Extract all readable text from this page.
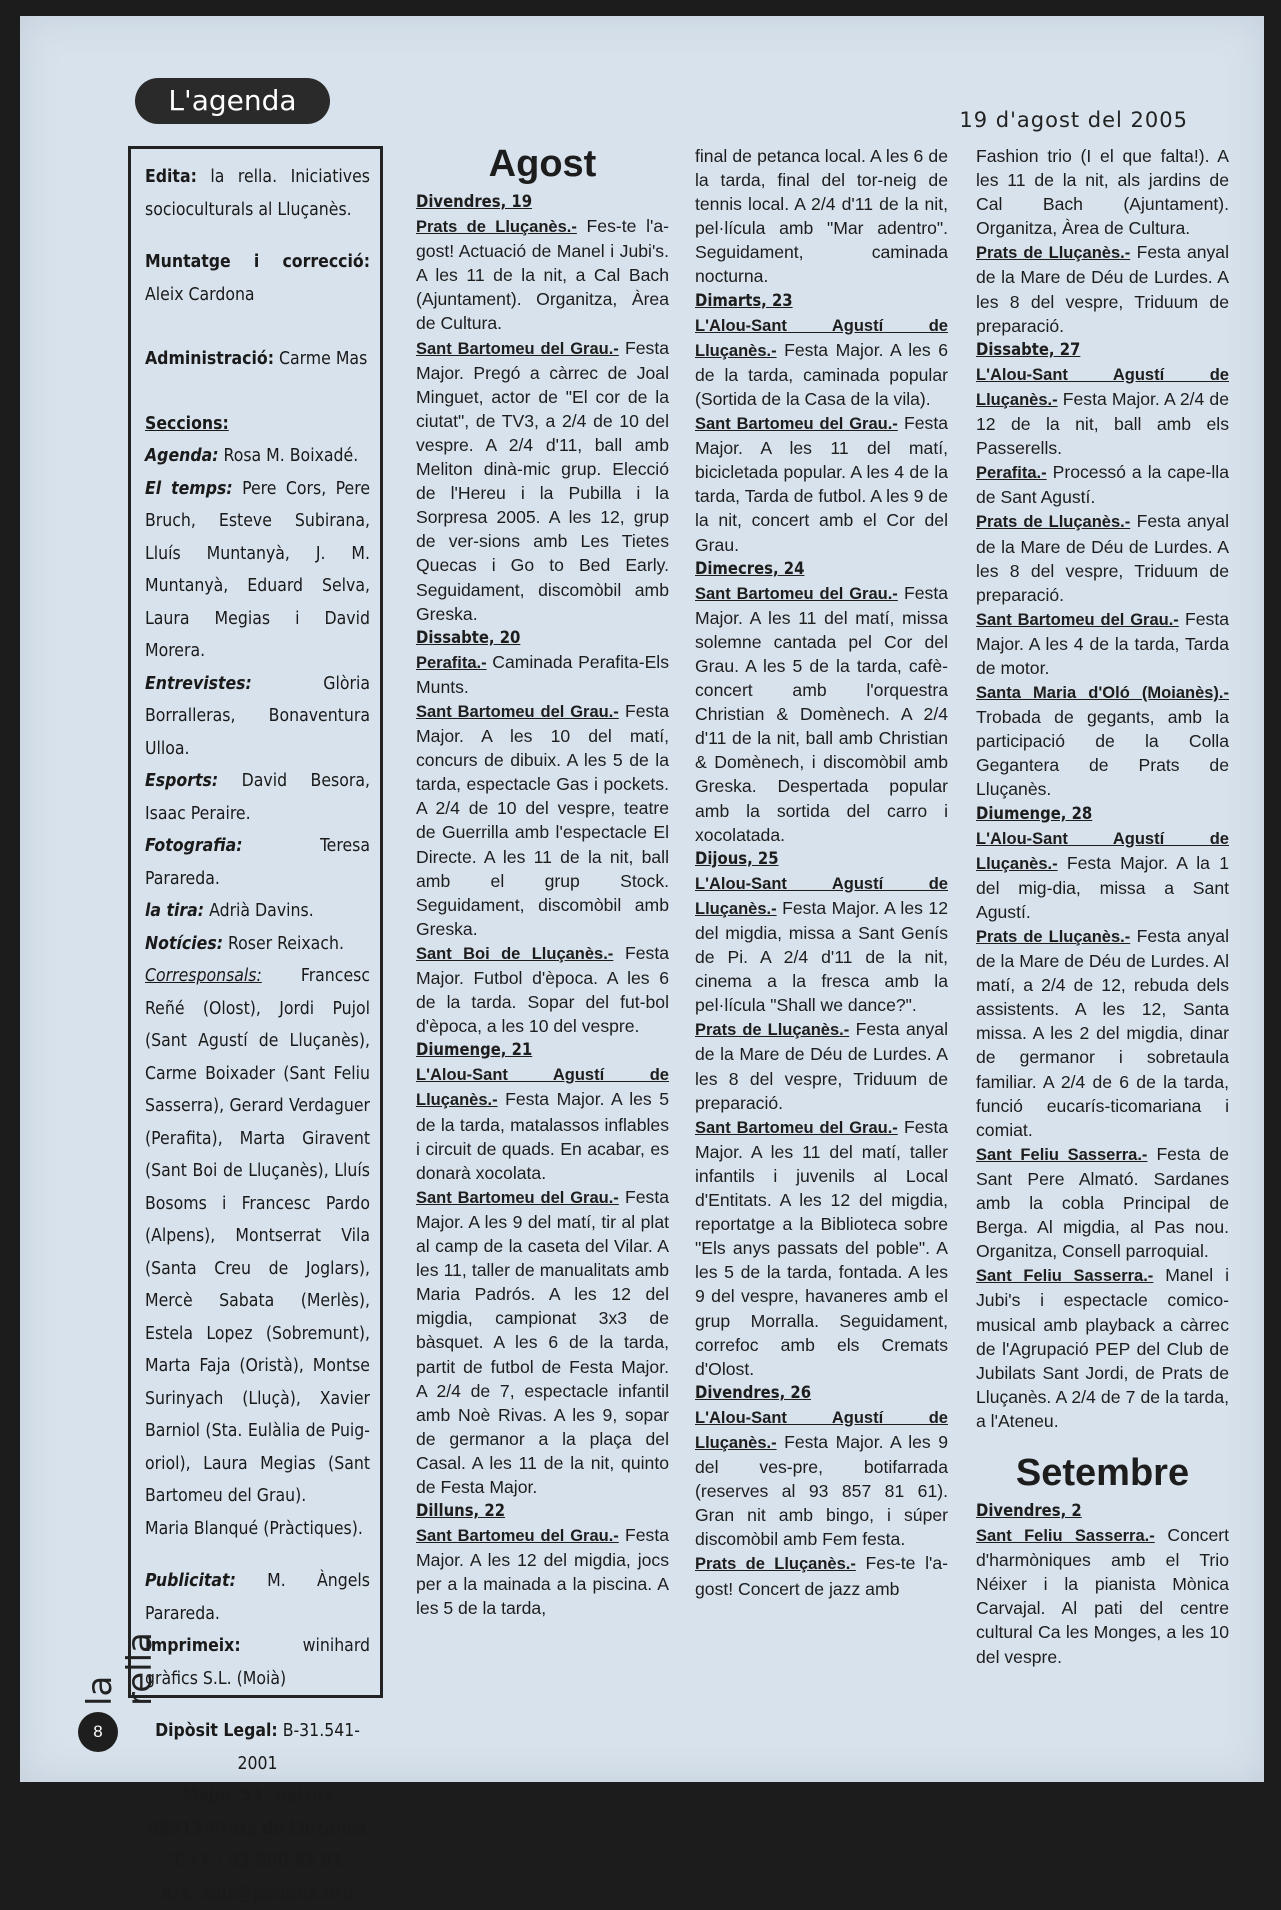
L'agenda
19 d'agost del 2005

Edita: la rella. Iniciatives socioculturals al Lluçanès.

Muntatge i correcció: Aleix Cardona

Administració: Carme Mas

Seccions:

Agenda: Rosa M. Boixadé.

El temps: Pere Cors, Pere Bruch, Esteve Subirana, Lluís Muntanyà, J. M. Muntanyà, Eduard Selva, Laura Megias i David Morera.

Entrevistes:	Glòria Borralleras, Bonaventura Ulloa.

Esports: David Besora, Isaac Peraire.

Fotografia:	Teresa Parareda.

la tira: Adrià Davins.

Notícies: Roser Reixach.

Corresponsals: Francesc Reñé (Olost), Jordi Pujol (Sant Agustí de Lluçanès), Carme Boixader (Sant Feliu Sasserra), Gerard Verdaguer (Perafita), Marta Giravent (Sant Boi de Lluçanès), Lluís Bosoms i Francesc Pardo (Alpens), Montserrat Vila (Santa Creu de Joglars), Mercè Sabata (Merlès), Estela Lopez (Sobremunt), Marta Faja (Oristà), Montse Surinyach (Lluçà), Xavier Barniol (Sta. Eulàlia de Puig-oriol), Laura Megias (Sant Bartomeu del Grau).

Maria Blanqué (Pràctiques).

Publicitat: M. Àngels Parareda.

Imprimeix:	winihard gràfics S.L. (Moià)

Dipòsit Legal: B-31.541-2001

Major, 51, baixos

08513-Prats de Lluçanès

T. i F.: 93 850 82 81

A/e: solc@pangea.org

la rella
8
Agost
Divendres, 19

Prats de Lluçanès.- Fes-te l'a-gost! Actuació de Manel i Jubi's. A les 11 de la nit, a Cal Bach (Ajuntament). Organitza, Àrea de Cultura.

Sant Bartomeu del Grau.- Festa Major. Pregó a càrrec de Joal Minguet, actor de "El cor de la ciutat", de TV3, a 2/4 de 10 del vespre. A 2/4 d'11, ball amb Meliton dinà-mic grup. Elecció de l'Hereu i la Pubilla i la Sorpresa 2005. A les 12, grup de ver-sions amb Les Tietes Quecas i Go to Bed Early. Seguidament, discomòbil amb Greska.

Dissabte, 20

Perafita.- Caminada Perafita-Els Munts.

Sant Bartomeu del Grau.- Festa Major. A les 10 del matí, concurs de dibuix. A les 5 de la tarda, espectacle Gas i pockets. A 2/4 de 10 del vespre, teatre de Guerrilla amb l'espectacle El Directe. A les 11 de la nit, ball amb el grup Stock. Seguidament, discomòbil amb Greska.

Sant Boi de Lluçanès.- Festa Major. Futbol d'època. A les 6 de la tarda. Sopar del fut-bol d'època, a les 10 del vespre.

Diumenge, 21

L'Alou-Sant Agustí de Lluçanès.- Festa Major. A les 5 de la tarda, matalassos inflables i circuit de quads. En acabar, es donarà xocolata.

Sant Bartomeu del Grau.- Festa Major. A les 9 del matí, tir al plat al camp de la caseta del Vilar. A les 11, taller de manualitats amb Maria Padrós. A les 12 del migdia, campionat 3x3 de bàsquet. A les 6 de la tarda, partit de futbol de Festa Major. A 2/4 de 7, espectacle infantil amb Noè Rivas. A les 9, sopar de germanor a la plaça del Casal. A les 11 de la nit, quinto de Festa Major.

Dilluns, 22

Sant Bartomeu del Grau.- Festa Major. A les 12 del migdia, jocs per a la mainada a la piscina. A les 5 de la tarda,

final de petanca local. A les 6 de la tarda, final del tor-neig de tennis local. A 2/4 d'11 de la nit, pel·lícula amb "Mar adentro". Seguidament, caminada nocturna.

Dimarts, 23

L'Alou-Sant Agustí de Lluçanès.- Festa Major. A les 6 de la tarda, caminada popular (Sortida de la Casa de la vila).

Sant Bartomeu del Grau.- Festa Major. A les 11 del matí, bicicletada popular. A les 4 de la tarda, Tarda de futbol. A les 9 de la nit, concert amb el Cor del Grau.

Dimecres, 24

Sant Bartomeu del Grau.- Festa Major. A les 11 del matí, missa solemne cantada pel Cor del Grau. A les 5 de la tarda, cafè-concert amb l'orquestra Christian & Domènech. A 2/4 d'11 de la nit, ball amb Christian & Domènech, i discomòbil amb Greska. Despertada popular amb la sortida del carro i xocolatada.

Dijous, 25

L'Alou-Sant Agustí de Lluçanès.- Festa Major. A les 12 del migdia, missa a Sant Genís de Pi. A 2/4 d'11 de la nit, cinema a la fresca amb la pel·lícula "Shall we dance?".

Prats de Lluçanès.- Festa anyal de la Mare de Déu de Lurdes. A les 8 del vespre, Triduum de preparació.

Sant Bartomeu del Grau.- Festa Major. A les 11 del matí, taller infantils i juvenils al Local d'Entitats. A les 12 del migdia, reportatge a la Biblioteca sobre "Els anys passats del poble". A les 5 de la tarda, fontada. A les 9 del vespre, havaneres amb el grup Morralla. Seguidament, correfoc amb els Cremats d'Olost.

Divendres, 26

L'Alou-Sant Agustí de Lluçanès.- Festa Major. A les 9 del ves-pre, botifarrada (reserves al 93 857 81 61). Gran nit amb bingo, i súper discomòbil amb Fem festa.

Prats de Lluçanès.- Fes-te l'a-gost! Concert de jazz amb

Fashion trio (I el que falta!). A les 11 de la nit, als jardins de Cal Bach (Ajuntament). Organitza, Àrea de Cultura.

Prats de Lluçanès.- Festa anyal de la Mare de Déu de Lurdes. A les 8 del vespre, Triduum de preparació.

Dissabte, 27

L'Alou-Sant Agustí de Lluçanès.- Festa Major. A 2/4 de 12 de la nit, ball amb els Passerells.

Perafita.- Processó a la cape-lla de Sant Agustí.

Prats de Lluçanès.- Festa anyal de la Mare de Déu de Lurdes. A les 8 del vespre, Triduum de preparació.

Sant Bartomeu del Grau.- Festa Major. A les 4 de la tarda, Tarda de motor.

Santa Maria d'Oló (Moianès).- Trobada de gegants, amb la participació de la Colla Gegantera de Prats de Lluçanès.

Diumenge, 28

L'Alou-Sant Agustí de Lluçanès.- Festa Major. A la 1 del mig-dia, missa a Sant Agustí.

Prats de Lluçanès.- Festa anyal de la Mare de Déu de Lurdes. Al matí, a 2/4 de 12, rebuda dels assistents. A les 12, Santa missa. A les 2 del migdia, dinar de germanor i sobretaula familiar. A 2/4 de 6 de la tarda, funció eucarís-ticomariana i comiat.

Sant Feliu Sasserra.- Festa de Sant Pere Almató. Sardanes amb la cobla Principal de Berga. Al migdia, al Pas nou. Organitza, Consell parroquial.

Sant Feliu Sasserra.- Manel i Jubi's i espectacle comico-musical amb playback a càrrec de l'Agrupació PEP del Club de Jubilats Sant Jordi, de Prats de Lluçanès. A 2/4 de 7 de la tarda, a l'Ateneu.

Setembre
Divendres, 2

Sant Feliu Sasserra.- Concert d'harmòniques amb el Trio Néixer i la pianista Mònica Carvajal. Al pati del centre cultural Ca les Monges, a les 10 del vespre.
